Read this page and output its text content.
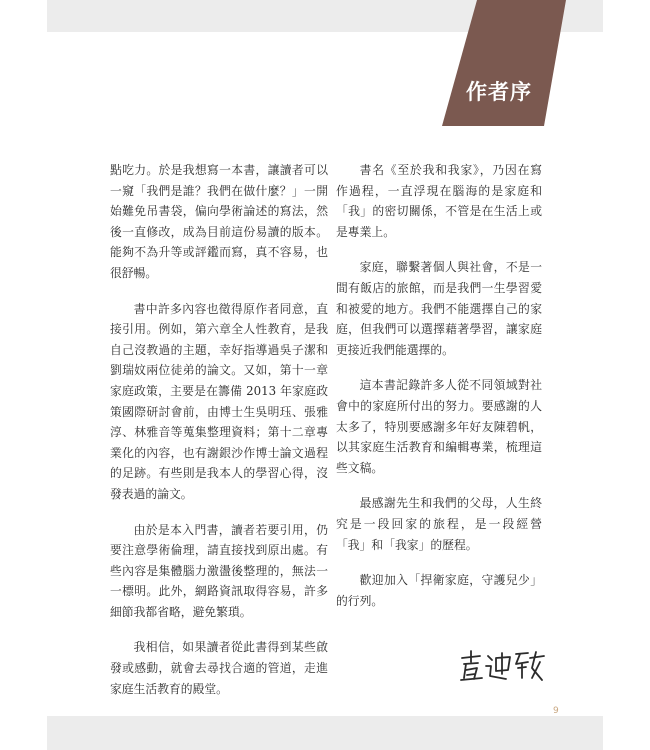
作者序

點吃力。於是我想寫一本書，讓讀者可以一窺「我們是誰？我們在做什麼？」一開始難免吊書袋，偏向學術論述的寫法，然後一直修改，成為目前這份易讀的版本。能夠不為升等或評鑑而寫，真不容易，也很舒暢。

書中許多內容也徵得原作者同意，直接引用。例如，第六章全人性教育，是我自己沒教過的主題，幸好指導過吳子潔和劉瑞妏兩位徒弟的論文。又如，第十一章家庭政策，主要是在籌備 2013 年家庭政策國際研討會前，由博士生吳明珏、張雅淳、林雅音等蒐集整理資料；第十二章專業化的內容，也有謝銀沙作博士論文過程的足跡。有些則是我本人的學習心得，沒發表過的論文。

由於是本入門書，讀者若要引用，仍要注意學術倫理，請直接找到原出處。有些內容是集體腦力激盪後整理的，無法一一標明。此外，網路資訊取得容易，許多細節我都省略，避免繁瑣。

我相信，如果讀者從此書得到某些啟發或感動，就會去尋找合適的管道，走進家庭生活教育的殿堂。

書名《至於我和我家》，乃因在寫作過程，一直浮現在腦海的是家庭和「我」的密切關係，不管是在生活上或是專業上。

家庭，聯繫著個人與社會，不是一間有飯店的旅館，而是我們一生學習愛和被愛的地方。我們不能選擇自己的家庭，但我們可以選擇藉著學習，讓家庭更接近我們能選擇的。

這本書記錄許多人從不同領域對社會中的家庭所付出的努力。要感謝的人太多了，特別要感謝多年好友陳碧帆，以其家庭生活教育和編輯專業，梳理這些文稿。

最感謝先生和我們的父母，人生終究是一段回家的旅程，是一段經營「我」和「我家」的歷程。

歡迎加入「捍衛家庭，守護兒少」的行列。

9
